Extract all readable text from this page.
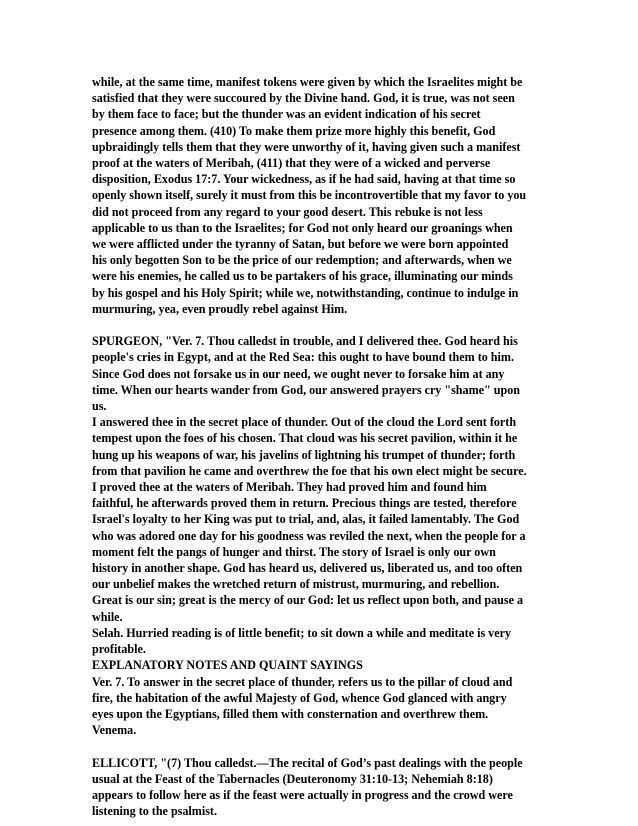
while, at the same time, manifest tokens were given by which the Israelites might be
satisfied that they were succoured by the Divine hand. God, it is true, was not seen
by them face to face; but the thunder was an evident indication of his secret
presence among them. (410) To make them prize more highly this benefit, God
upbraidingly tells them that they were unworthy of it, having given such a manifest
proof at the waters of Meribah, (411) that they were of a wicked and perverse
disposition, Exodus 17:7. Your wickedness, as if he had said, having at that time so
openly shown itself, surely it must from this be incontrovertible that my favor to you
did not proceed from any regard to your good desert. This rebuke is not less
applicable to us than to the Israelites; for God not only heard our groanings when
we were afflicted under the tyranny of Satan, but before we were born appointed
his only begotten Son to be the price of our redemption; and afterwards, when we
were his enemies, he called us to be partakers of his grace, illuminating our minds
by his gospel and his Holy Spirit; while we, notwithstanding, continue to indulge in
murmuring, yea, even proudly rebel against Him.

SPURGEON, "Ver. 7. Thou calledst in trouble, and I delivered thee. God heard his
people's cries in Egypt, and at the Red Sea: this ought to have bound them to him.
Since God does not forsake us in our need, we ought never to forsake him at any
time. When our hearts wander from God, our answered prayers cry "shame" upon
us.
I answered thee in the secret place of thunder. Out of the cloud the Lord sent forth
tempest upon the foes of his chosen. That cloud was his secret pavilion, within it he
hung up his weapons of war, his javelins of lightning his trumpet of thunder; forth
from that pavilion he came and overthrew the foe that his own elect might be secure.
I proved thee at the waters of Meribah. They had proved him and found him
faithful, he afterwards proved them in return. Precious things are tested, therefore
Israel's loyalty to her King was put to trial, and, alas, it failed lamentably. The God
who was adored one day for his goodness was reviled the next, when the people for a
moment felt the pangs of hunger and thirst. The story of Israel is only our own
history in another shape. God has heard us, delivered us, liberated us, and too often
our unbelief makes the wretched return of mistrust, murmuring, and rebellion.
Great is our sin; great is the mercy of our God: let us reflect upon both, and pause a
while.
Selah. Hurried reading is of little benefit; to sit down a while and meditate is very
profitable.
EXPLANATORY NOTES AND QUAINT SAYINGS
Ver. 7. To answer in the secret place of thunder, refers us to the pillar of cloud and
fire, the habitation of the awful Majesty of God, whence God glanced with angry
eyes upon the Egyptians, filled them with consternation and overthrew them.
Venema.

ELLICOTT, "(7) Thou calledst.—The recital of God’s past dealings with the people
usual at the Feast of the Tabernacles (Deuteronomy 31:10-13; Nehemiah 8:18)
appears to follow here as if the feast were actually in progress and the crowd were
listening to the psalmist.
